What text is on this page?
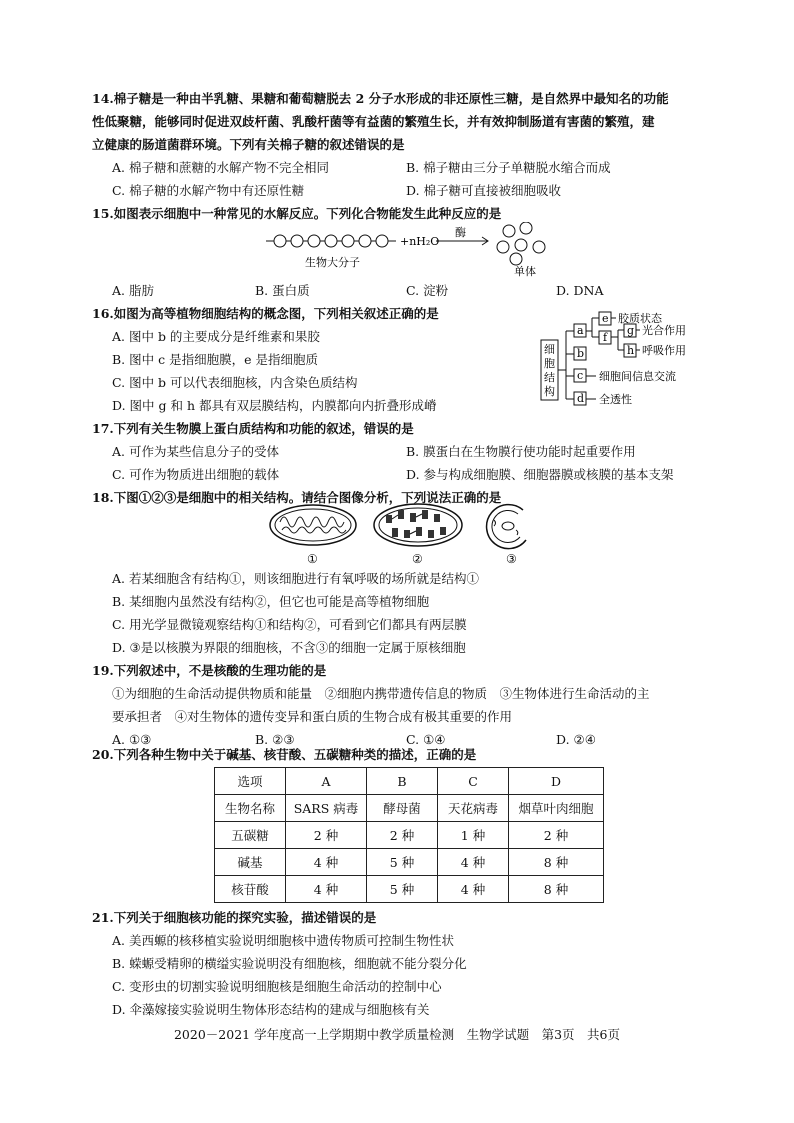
14.棉子糖是一种由半乳糖、果糖和葡萄糖脱去 2 分子水形成的非还原性三糖，是自然界中最知名的功能
性低聚糖，能够同时促进双歧杆菌、乳酸杆菌等有益菌的繁殖生长，并有效抑制肠道有害菌的繁殖，建
立健康的肠道菌群环境。下列有关棉子糖的叙述错误的是
A. 棉子糖和蔗糖的水解产物不完全相同	B. 棉子糖由三分子单糖脱水缩合而成
C. 棉子糖的水解产物中有还原性糖	D. 棉子糖可直接被细胞吸收
15.如图表示细胞中一种常见的水解反应。下列化合物能发生此种反应的是
+nH₂O
酶
生物大分子
单体
A. 脂肪	B. 蛋白质	C. 淀粉	D. DNA
16.如图为高等植物细胞结构的概念图，下列相关叙述正确的是
A. 图中 b 的主要成分是纤维素和果胶
B. 图中 c 是指细胞膜，e 是指细胞质
C. 图中 b 可以代表细胞核，内含染色质结构
D. 图中 g 和 h 都具有双层膜结构，内膜都向内折叠形成嵴
细
胞
结
构
a
b
c
d
e
f
g
h
胶质状态
光合作用
呼吸作用
细胞间信息交流
全透性
17.下列有关生物膜上蛋白质结构和功能的叙述，错误的是
A. 可作为某些信息分子的受体	B. 膜蛋白在生物膜行使功能时起重要作用
C. 可作为物质进出细胞的载体	D. 参与构成细胞膜、细胞器膜或核膜的基本支架
18.下图①②③是细胞中的相关结构。请结合图像分析，下列说法正确的是
①	②	③
A. 若某细胞含有结构①，则该细胞进行有氧呼吸的场所就是结构①
B. 某细胞内虽然没有结构②，但它也可能是高等植物细胞
C. 用光学显微镜观察结构①和结构②，可看到它们都具有两层膜
D. ③是以核膜为界限的细胞核，不含③的细胞一定属于原核细胞
19.下列叙述中，不是核酸的生理功能的是
①为细胞的生命活动提供物质和能量　②细胞内携带遗传信息的物质　③生物体进行生命活动的主
要承担者　④对生物体的遗传变异和蛋白质的生物合成有极其重要的作用
A. ①③	B. ②③	C. ①④	D. ②④
20.下列各种生物中关于碱基、核苷酸、五碳糖种类的描述，正确的是
选项	A	B	C	D
生物名称	SARS 病毒	酵母菌	天花病毒	烟草叶肉细胞
五碳糖	2 种	2 种	1 种	2 种
碱基	4 种	5 种	4 种	8 种
核苷酸	4 种	5 种	4 种	8 种
21.下列关于细胞核功能的探究实验，描述错误的是
A. 美西螈的核移植实验说明细胞核中遗传物质可控制生物性状
B. 蝾螈受精卵的横缢实验说明没有细胞核，细胞就不能分裂分化
C. 变形虫的切割实验说明细胞核是细胞生命活动的控制中心
D. 伞藻嫁接实验说明生物体形态结构的建成与细胞核有关
2020－2021 学年度高一上学期期中教学质量检测　生物学试题　第3页　共6页
